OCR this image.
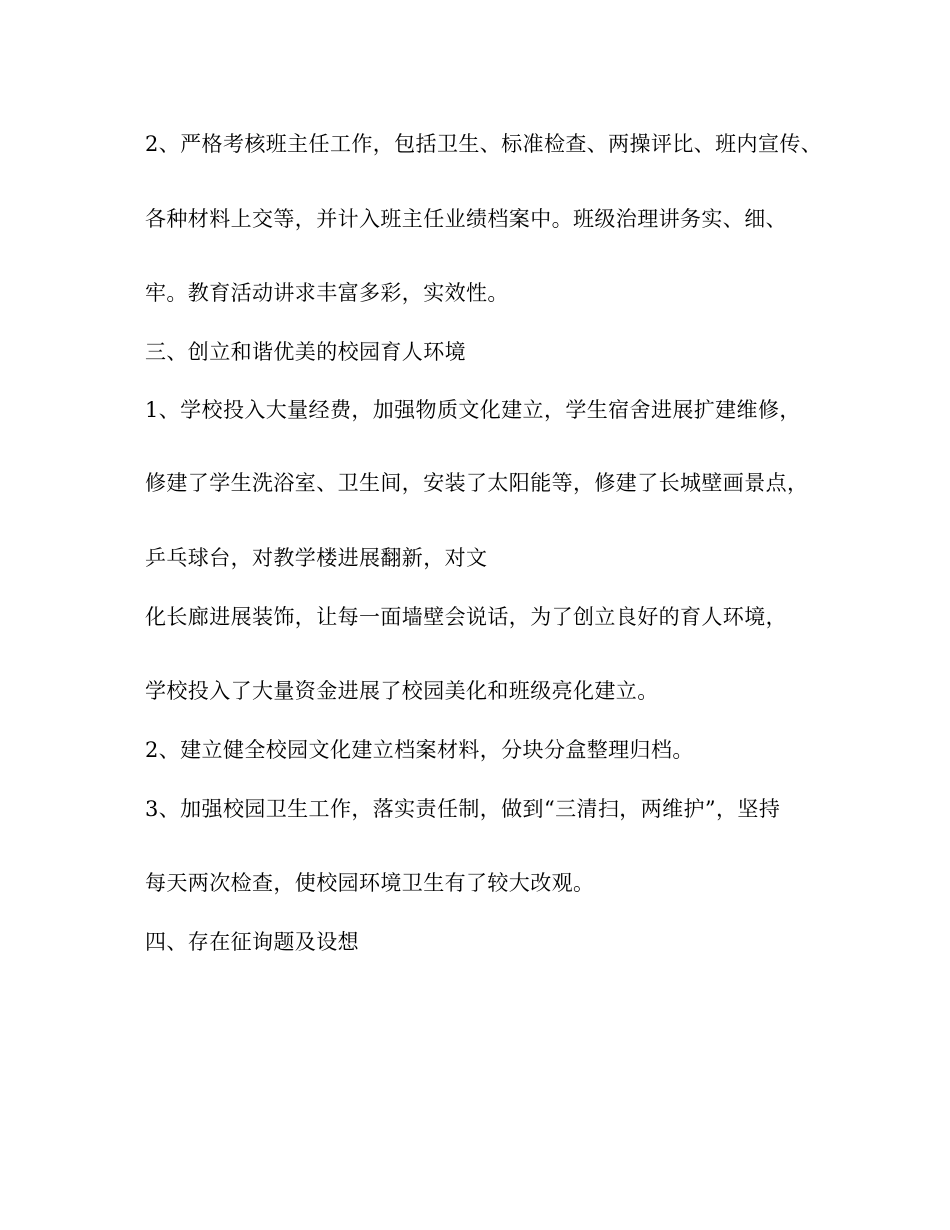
2、严格考核班主任工作，包括卫生、标准检查、两操评比、班内宣传、
各种材料上交等，并计入班主任业绩档案中。班级治理讲务实、细、
牢。教育活动讲求丰富多彩，实效性。
三、创立和谐优美的校园育人环境
1、学校投入大量经费，加强物质文化建立，学生宿舍进展扩建维修，
修建了学生洗浴室、卫生间，安装了太阳能等，修建了长城壁画景点，
乒乓球台，对教学楼进展翻新，对文
化长廊进展装饰，让每一面墙壁会说话，为了创立良好的育人环境，
学校投入了大量资金进展了校园美化和班级亮化建立。
2、建立健全校园文化建立档案材料，分块分盒整理归档。
3、加强校园卫生工作，落实责任制，做到“三清扫，两维护”，坚持
每天两次检查，使校园环境卫生有了较大改观。
四、存在征询题及设想
